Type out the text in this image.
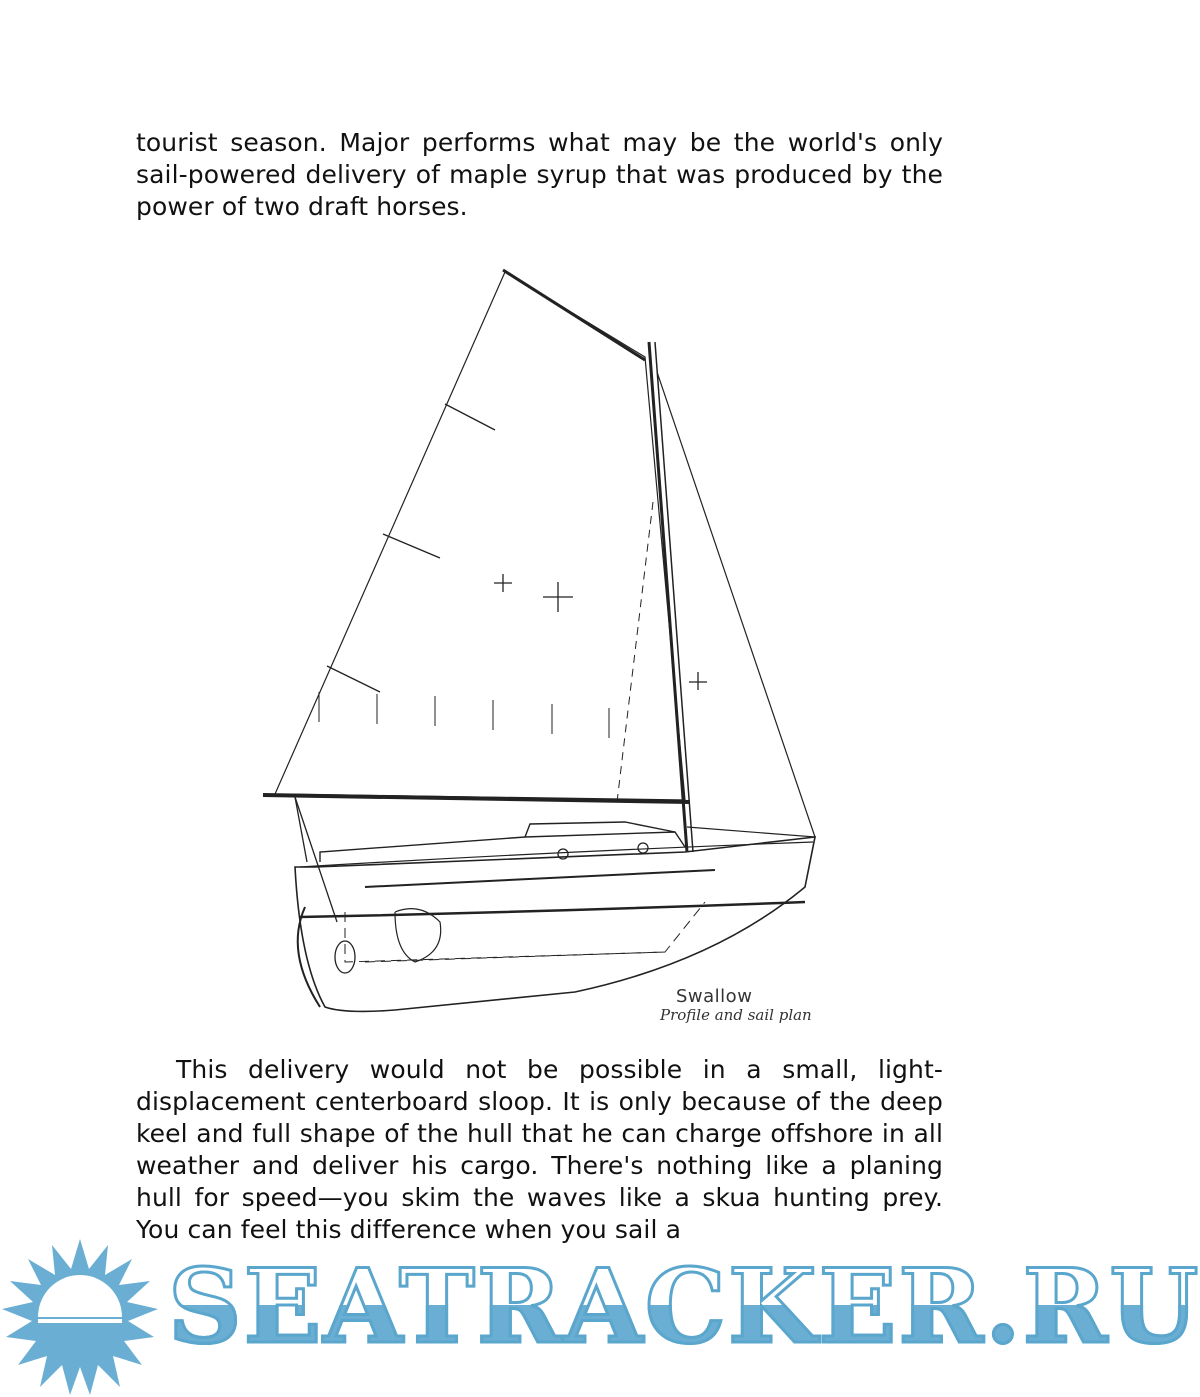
tourist season. Major performs what may be the world's only sail-powered delivery of maple syrup that was produced by the power of two draft horses.

Swallow
Profile and sail plan

This delivery would not be possible in a small, light-displacement centerboard sloop. It is only because of the deep keel and full shape of the hull that he can charge offshore in all weather and deliver his cargo. There's nothing like a planing hull for speed—you skim the waves like a skua hunting prey. You can feel this difference when you sail a

SEATRACKER.RU
